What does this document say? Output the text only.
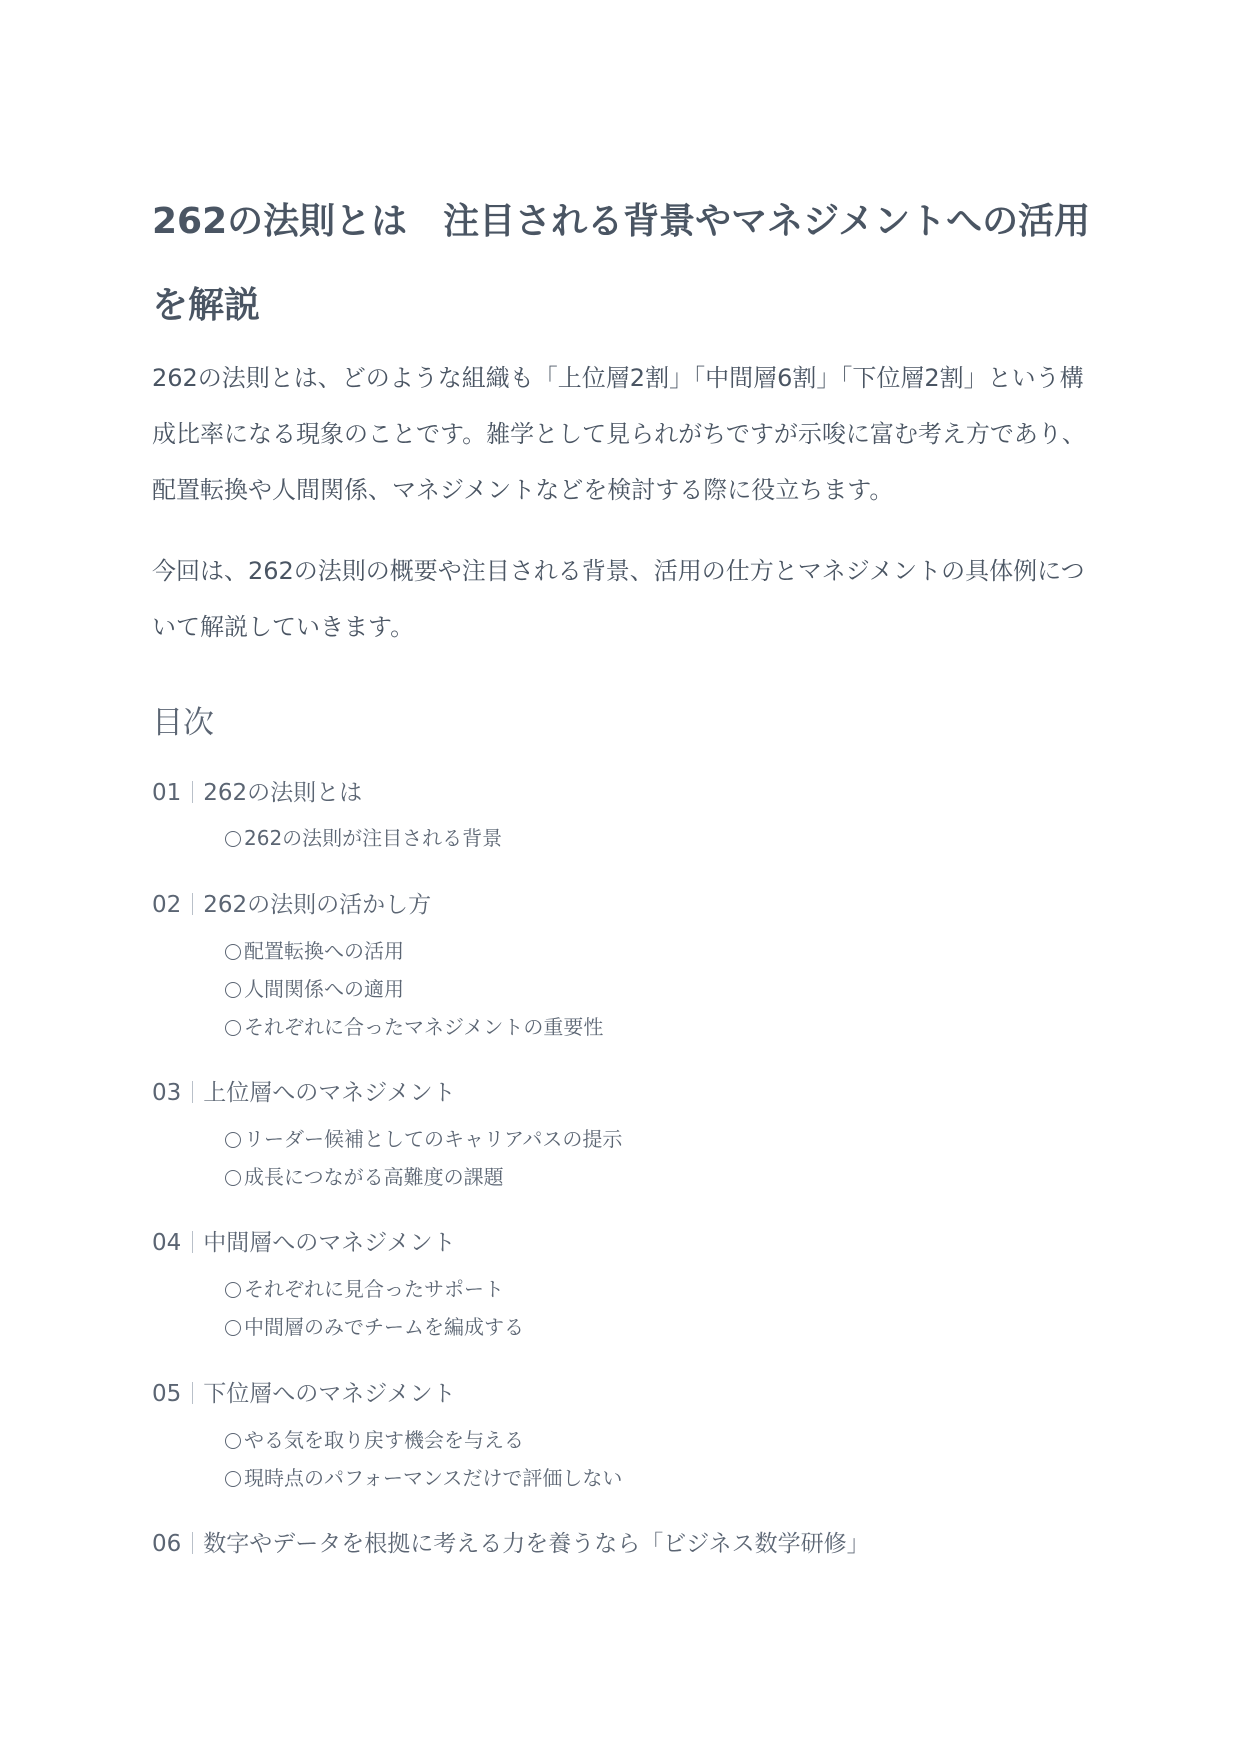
262の法則とは　注目される背景やマネジメントへの活用を解説

262の法則とは、どのような組織も「上位層2割」「中間層6割」「下位層2割」という構成比率になる現象のことです。雑学として見られがちですが示唆に富む考え方であり、配置転換や人間関係、マネジメントなどを検討する際に役立ちます。

今回は、262の法則の概要や注目される背景、活用の仕方とマネジメントの具体例について解説していきます。

目次
01 262の法則とは
262の法則が注目される背景
02 262の法則の活かし方
配置転換への活用
人間関係への適用
それぞれに合ったマネジメントの重要性
03 上位層へのマネジメント
リーダー候補としてのキャリアパスの提示
成長につながる高難度の課題
04 中間層へのマネジメント
それぞれに見合ったサポート
中間層のみでチームを編成する
05 下位層へのマネジメント
やる気を取り戻す機会を与える
現時点のパフォーマンスだけで評価しない
06 数字やデータを根拠に考える力を養うなら「ビジネス数学研修」
